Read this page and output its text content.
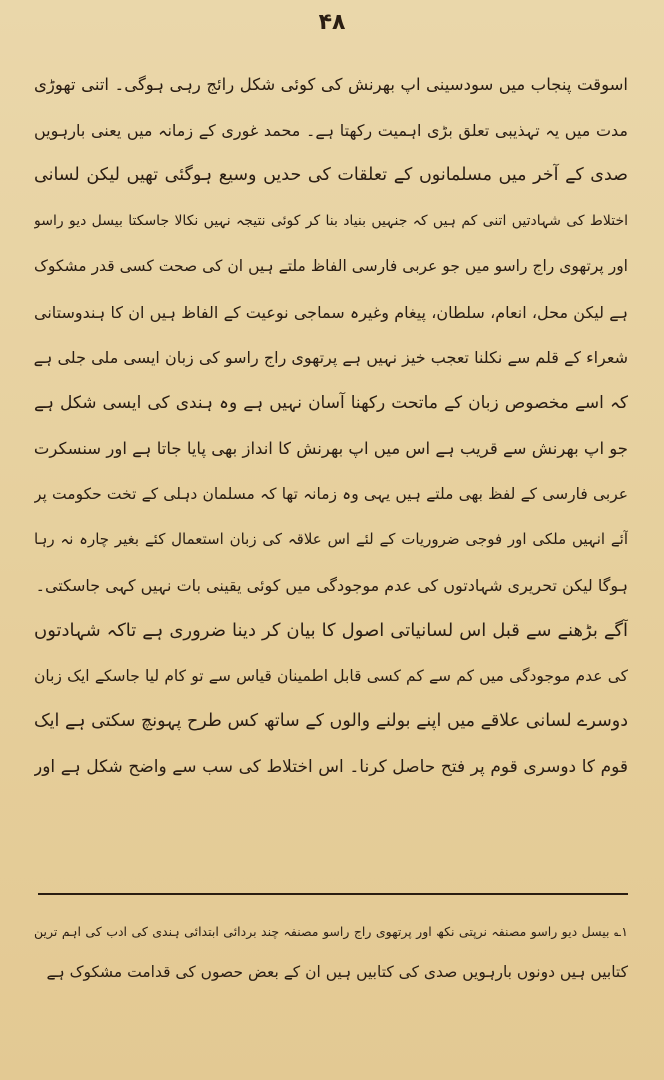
۴۸
اسوقت پنجاب میں سودسینی اپ بھرنش کی کوئی شکل رائج رہی ہوگی۔ اتنی تھوڑی
مدت میں یہ تہذیبی تعلق بڑی اہمیت رکھتا ہے۔ محمد غوری کے زمانہ میں یعنی بارہویں
صدی کے آخر میں مسلمانوں کے تعلقات کی حدیں وسیع ہوگئی تھیں لیکن لسانی
اختلاط کی شہادتیں اتنی کم ہیں کہ جنہیں بنیاد بنا کر کوئی نتیجہ نہیں نکالا جاسکتا بیسل دیو راسو
اور پرتھوی راج راسو میں جو عربی فارسی الفاظ ملتے ہیں ان کی صحت کسی قدر مشکوک
ہے لیکن محل، انعام، سلطان، پیغام وغیرہ سماجی نوعیت کے الفاظ ہیں ان کا ہندوستانی
شعراء کے قلم سے نکلنا تعجب خیز نہیں ہے پرتھوی راج راسو کی زبان ایسی ملی جلی ہے
کہ اسے مخصوص زبان کے ماتحت رکھنا آسان نہیں ہے وہ ہندی کی ایسی شکل ہے
جو اپ بھرنش سے قریب ہے اس میں اپ بھرنش کا انداز بھی پایا جاتا ہے اور سنسکرت
عربی فارسی کے لفظ بھی ملتے ہیں یہی وہ زمانہ تھا کہ مسلمان دہلی کے تخت حکومت پر
آئے انہیں ملکی اور فوجی ضروریات کے لئے اس علاقہ کی زبان استعمال کئے بغیر چارہ نہ رہا
ہوگا لیکن تحریری شہادتوں کی عدم موجودگی میں کوئی یقینی بات نہیں کہی جاسکتی۔
آگے بڑھنے سے قبل اس لسانیاتی اصول کا بیان کر دینا ضروری ہے تاکہ شہادتوں
کی عدم موجودگی میں کم سے کم کسی قابل اطمینان قیاس سے تو کام لیا جاسکے ایک زبان
دوسرے لسانی علاقے میں اپنے بولنے والوں کے ساتھ کس طرح پہونچ سکتی ہے ایک
قوم کا دوسری قوم پر فتح حاصل کرنا۔ اس اختلاط کی سب سے واضح شکل ہے اور
۱؎ بیسل دیو راسو مصنفہ نرپتی نکھ اور پرتھوی راج راسو مصنفہ چند بردائی ابتدائی ہندی کی ادب کی اہم ترین
کتابیں ہیں دونوں بارہویں صدی کی کتابیں ہیں ان کے بعض حصوں کی قدامت مشکوک ہے
